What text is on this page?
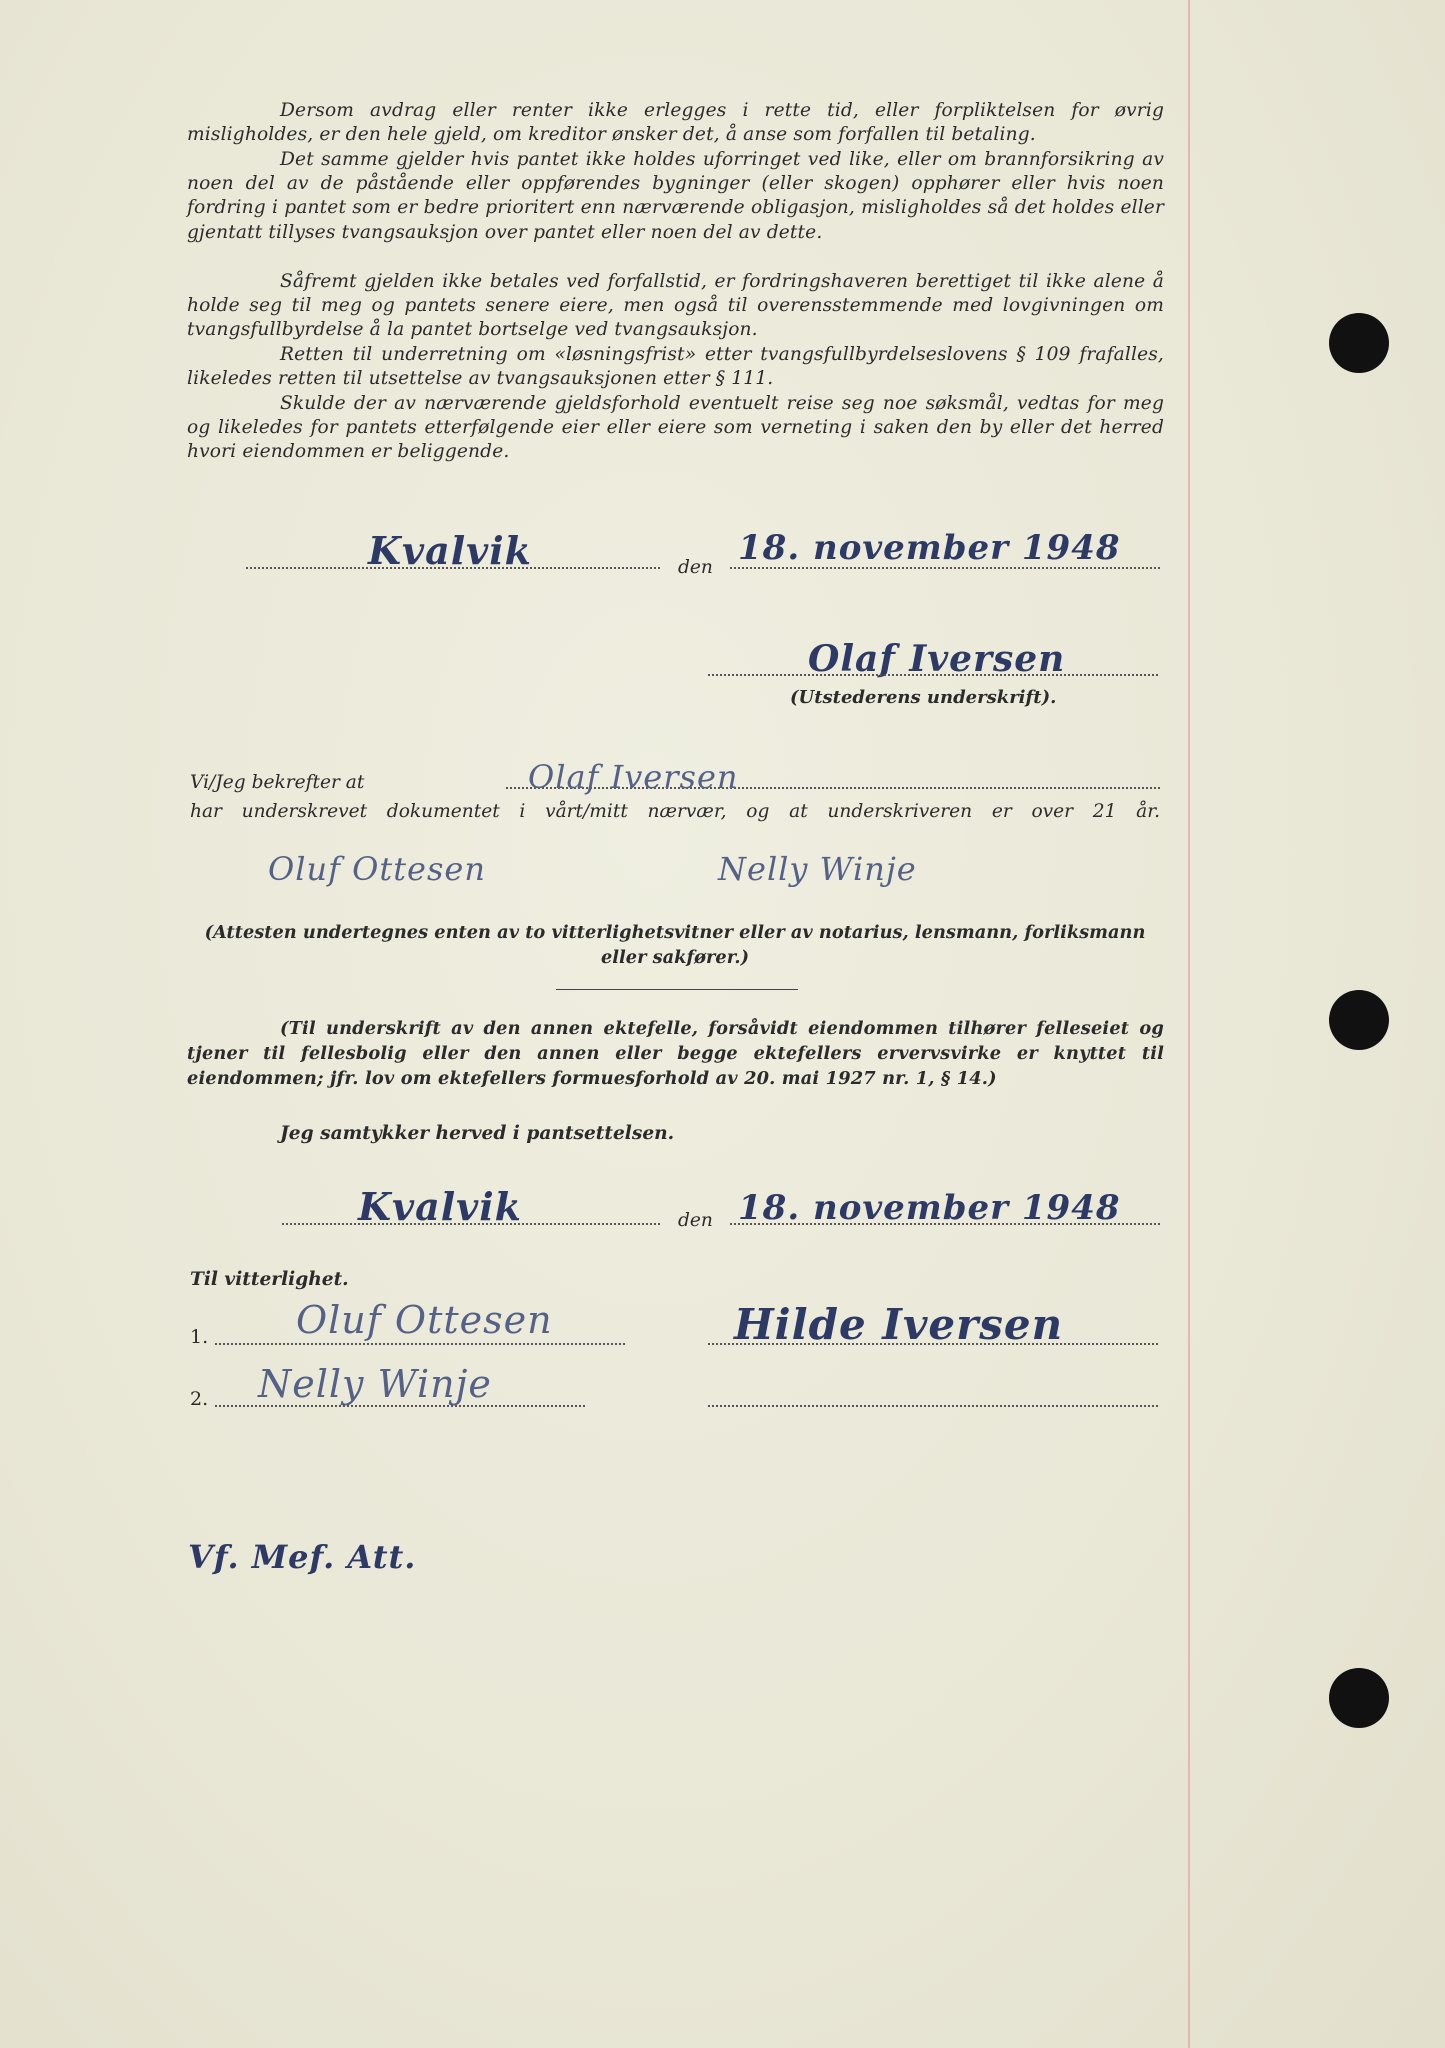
Dersom avdrag eller renter ikke erlegges i rette tid, eller forpliktelsen for øvrig misligholdes, er den hele gjeld, om kreditor ønsker det, å anse som forfallen til betaling.
Det samme gjelder hvis pantet ikke holdes uforringet ved like, eller om brannforsikring av noen del av de påstående eller oppførendes bygninger (eller skogen) opphører eller hvis noen fordring i pantet som er bedre prioritert enn nærværende obligasjon, misligholdes så det holdes eller gjentatt tillyses tvangsauksjon over pantet eller noen del av dette.
Såfremt gjelden ikke betales ved forfallstid, er fordringshaveren berettiget til ikke alene å holde seg til meg og pantets senere eiere, men også til overensstemmende med lovgivningen om tvangsfullbyrdelse å la pantet bortselge ved tvangsauksjon.
Retten til underretning om «løsningsfrist» etter tvangsfullbyrdelseslovens § 109 frafalles, likeledes retten til utsettelse av tvangsauksjonen etter § 111.
Skulde der av nærværende gjeldsforhold eventuelt reise seg noe søksmål, vedtas for meg og likeledes for pantets etterfølgende eier eller eiere som verneting i saken den by eller det herred hvori eiendommen er beliggende.
Kvalvik	den 18. november 1948
Olaf Iversen
(Utstederens underskrift).
Vi/Jeg bekrefter at	Olaf Iversen
har underskrevet dokumentet i vårt/mitt nærvær, og at underskriveren er over 21 år.
Oluf Ottesen	Nelly Winje
(Attesten undertegnes enten av to vitterlighetsvitner eller av notarius, lensmann, forliksmann eller sakfører.)
(Til underskrift av den annen ektefelle, forsåvidt eiendommen tilhører felleseiet og tjener til fellesbolig eller den annen eller begge ektefellers ervervsvirke er knyttet til eiendommen; jfr. lov om ektefellers formuesforhold av 20. mai 1927 nr. 1, § 14.)
Jeg samtykker herved i pantsettelsen.
Kvalvik	den 18. november 1948
Til vitterlighet.
1. Oluf Ottesen	Hilde Iversen
2. Nelly Winje
Vf. Mef. Att.
